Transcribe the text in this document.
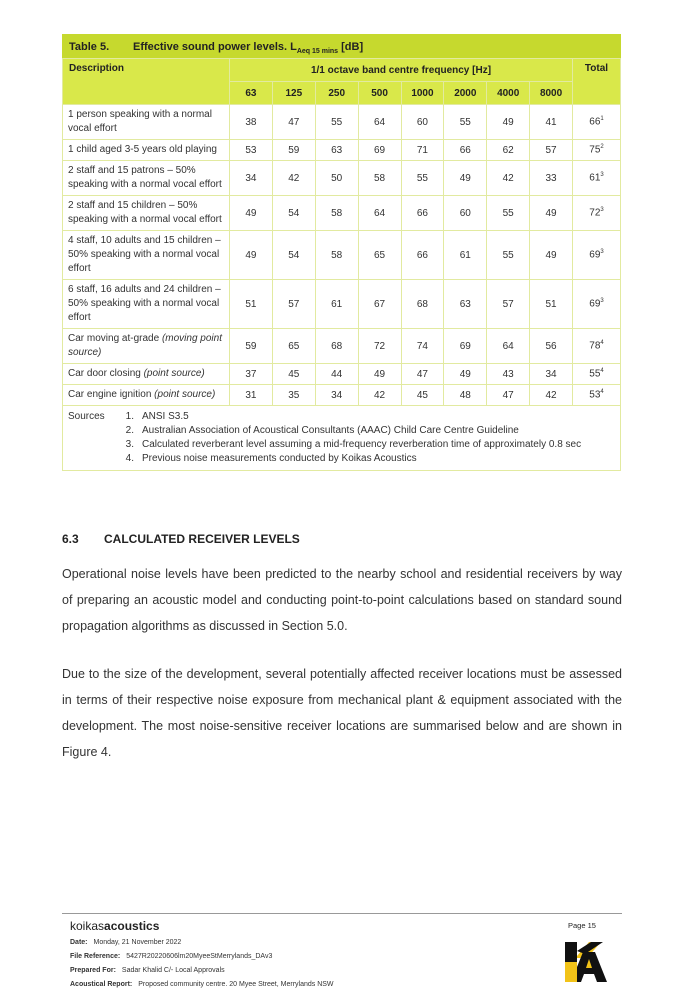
Table 5. Effective sound power levels. $L_{Aeq 15 mins}$ [dB]
Description	1/1 octave band centre frequency [Hz]								Total
	63	125	250	500	1000	2000	4000	8000	
1 person speaking with a normal vocal effort	38	47	55	64	60	55	49	41	$66^1$
1 child aged 3-5 years old playing	53	59	63	69	71	66	62	57	$75^2$
2 staff and 15 patrons – 50% speaking with a normal vocal effort	34	42	50	58	55	49	42	33	$61^3$
2 staff and 15 children – 50% speaking with a normal vocal effort	49	54	58	64	66	60	55	49	$72^3$
4 staff, 10 adults and 15 children – 50% speaking with a normal vocal effort	49	54	58	65	66	61	55	49	$69^3$
6 staff, 16 adults and 24 children – 50% speaking with a normal vocal effort	51	57	61	67	68	63	57	51	$69^3$
Car moving at-grade (moving point source)	59	65	68	72	74	69	64	56	$78^4$
Car door closing (point source)	37	45	44	49	47	49	43	34	$55^4$
Car engine ignition (point source)	31	35	34	42	45	48	47	42	$53^4$
Sources 1. ANSI S3.5
2. Australian Association of Acoustical Consultants (AAAC) Child Care Centre Guideline
3. Calculated reverberant level assuming a mid-frequency reverberation time of approximately 0.8 sec
4. Previous noise measurements conducted by Koikas Acoustics									
6.3 CALCULATED RECEIVER LEVELS

Operational noise levels have been predicted to the nearby school and residential receivers by way of preparing an acoustic model and conducting point-to-point calculations based on standard sound propagation algorithms as discussed in Section 5.0.

Due to the size of the development, several potentially affected receiver locations must be assessed in terms of their respective noise exposure from mechanical plant & equipment associated with the development. The most noise-sensitive receiver locations are summarised below and are shown in Figure 4.

koikasacoustics	Page 15
Date: Monday, 21 November 2022
File Reference: 5427R20220606lm20MyeeStMerrylands_DAv3
Prepared For: Sadar Khalid C/- Local Approvals
Acoustical Report: Proposed community centre. 20 Myee Street, Merrylands NSW
